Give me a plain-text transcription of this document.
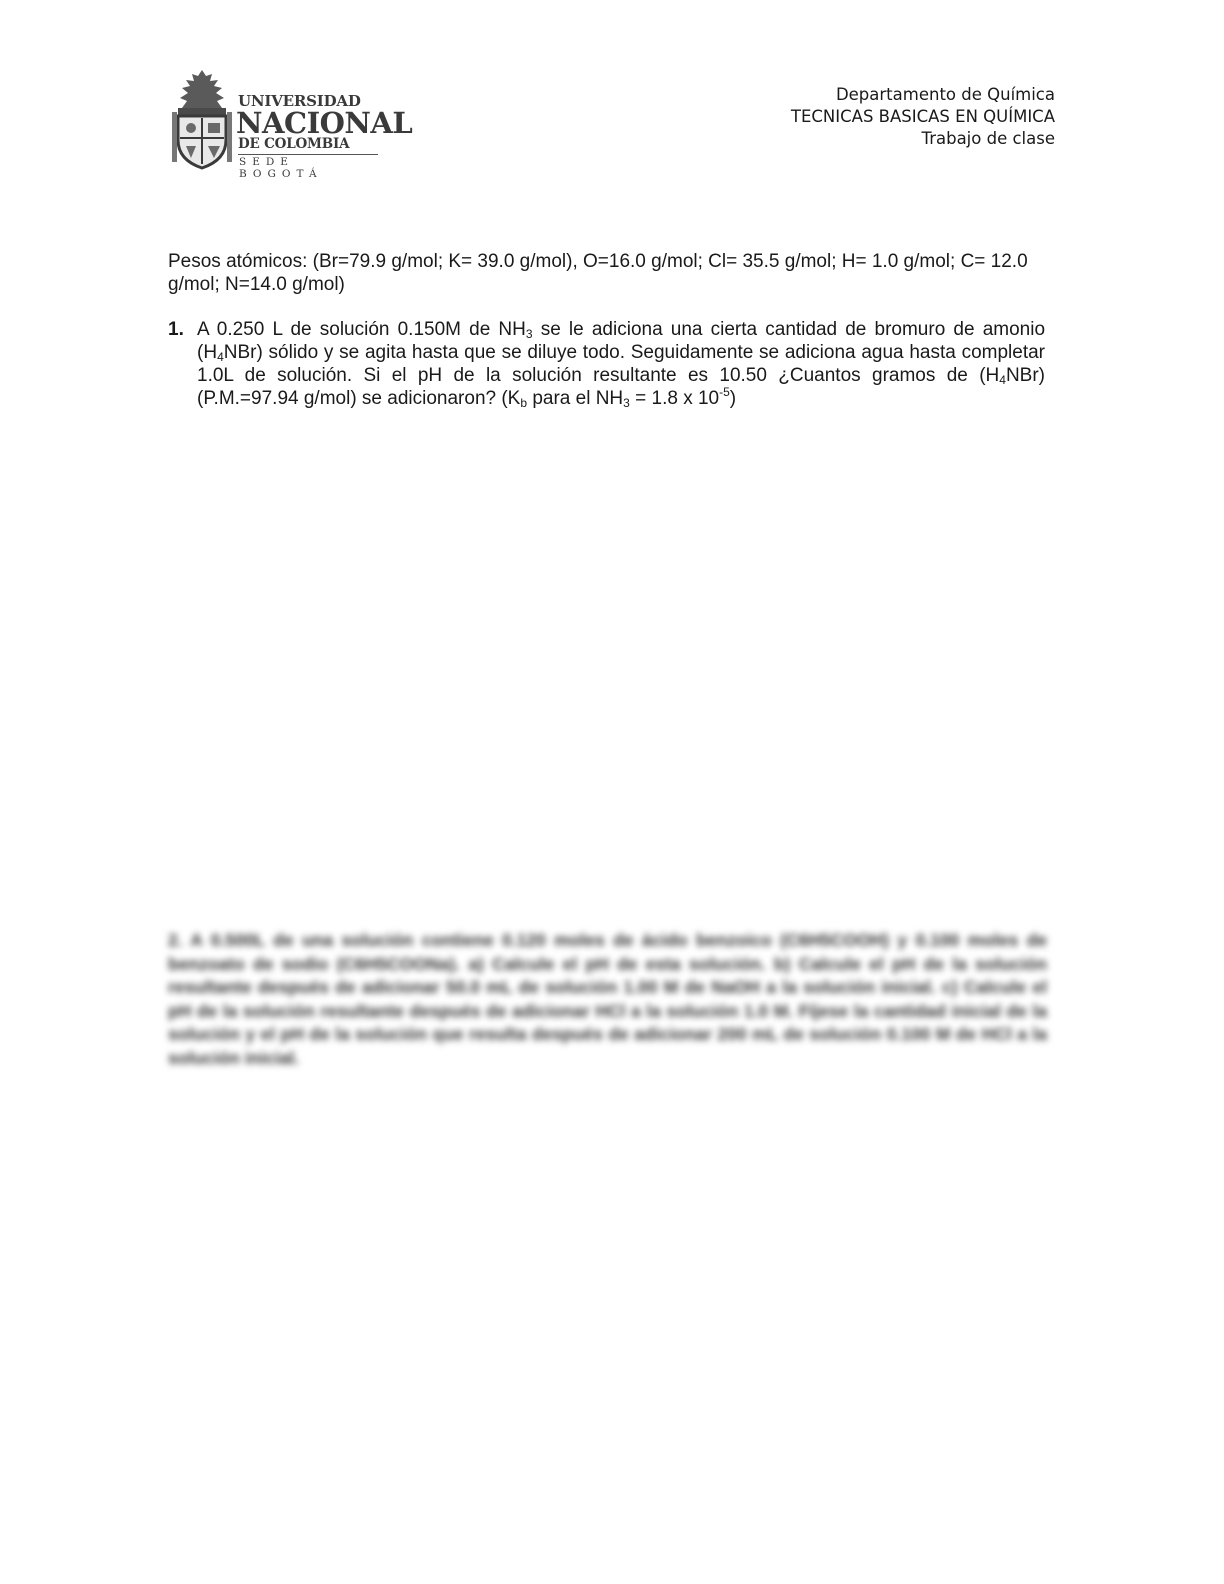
UNIVERSIDAD
NACIONAL
DE COLOMBIA
SEDE BOGOTÁ
Departamento de Química
TECNICAS BASICAS EN QUÍMICA
Trabajo de clase

Pesos atómicos: (Br=79.9 g/mol; K= 39.0 g/mol), O=16.0 g/mol; Cl= 35.5 g/mol; H= 1.0 g/mol; C= 12.0 g/mol; N=14.0 g/mol)

1. A 0.250 L de solución 0.150M de $NH_3$ se le adiciona una cierta cantidad de bromuro de amonio $(H_4NBr)$ sólido y se agita hasta que se diluye todo. Seguidamente se adiciona agua hasta completar 1.0L de solución. Si el pH de la solución resultante es 10.50 ¿Cuantos gramos de $(H_4NBr)$ (P.M.=97.94 g/mol) se adicionaron? ($K_b$ para el $NH_3 = 1.8$ x $10^{-5}$)
2. A 0.500L de una solución contiene 0.120 moles de ácido benzoico (C6H5COOH) y 0.100 moles de benzoato de sodio (C6H5COONa). a) Calcule el pH de esta solución. b) Calcule el pH de la solución resultante después de adicionar 50.0 mL de solución 1.00 M de NaOH a la solución inicial. c) Calcule el pH de la solución resultante después de adicionar HCl a la solución 1.0 M. Fíjese la cantidad inicial de la solución y el pH de la solución que resulta después de adicionar 200 mL de solución 0.100 M de HCl a la solución inicial.
